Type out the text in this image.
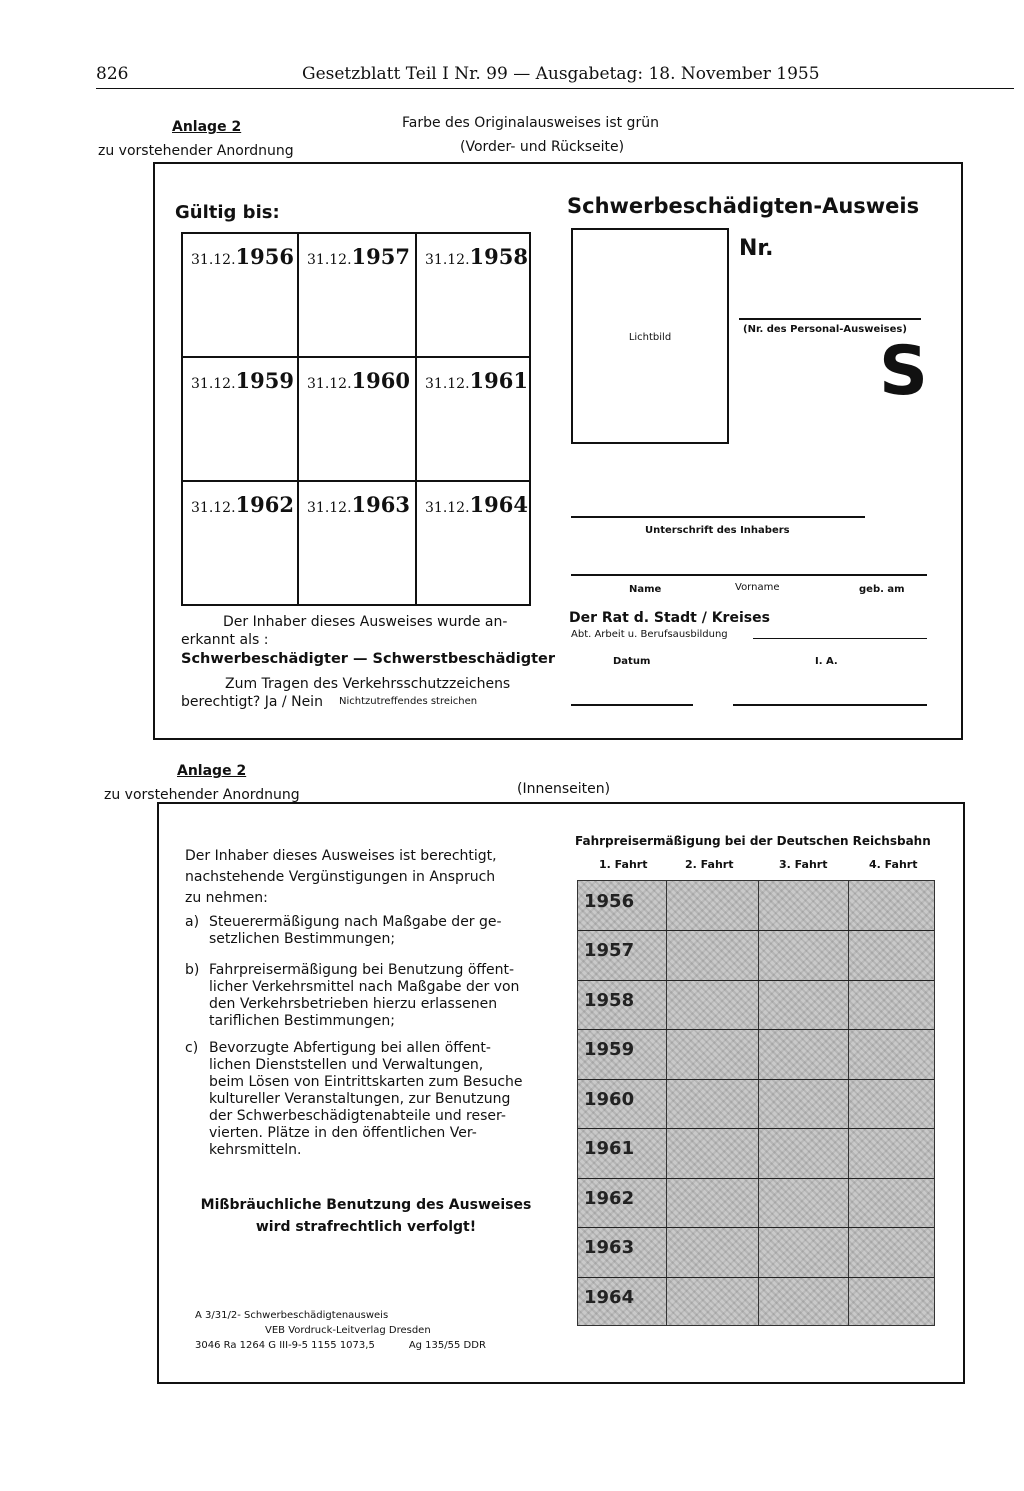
826	Gesetzblatt Teil I Nr. 99 — Ausgabetag: 18. November 1955
Anlage 2
zu vorstehender Anordnung
Farbe des Originalausweises ist grün
(Vorder- und Rückseite)
Gültig bis:
31.12.1956 31.12.1957 31.12.1958
31.12.1959 31.12.1960 31.12.1961
31.12.1962 31.12.1963 31.12.1964
Der Inhaber dieses Ausweises wurde an-
erkannt als :
Schwerbeschädigter — Schwerstbeschädigter
Zum Tragen des Verkehrsschutzzeichens
berechtigt? Ja / Nein Nichtzutreffendes streichen
Schwerbeschädigten-Ausweis
Lichtbild
Nr.
(Nr. des Personal-Ausweises)
S
Unterschrift des Inhabers
Name	Vorname	geb. am
Der Rat d. Stadt / Kreises
Abt. Arbeit u. Berufsausbildung
Datum	I. A.
Anlage 2
zu vorstehender Anordnung	(Innenseiten)
Der Inhaber dieses Ausweises ist berechtigt,
nachstehende Vergünstigungen in Anspruch
zu nehmen:
a) Steuerermäßigung nach Maßgabe der ge-
setzlichen Bestimmungen;
b) Fahrpreisermäßigung bei Benutzung öffent-
licher Verkehrsmittel nach Maßgabe der von
den Verkehrsbetrieben hierzu erlassenen
tariflichen Bestimmungen;
c) Bevorzugte Abfertigung bei allen öffent-
lichen Dienststellen und Verwaltungen,
beim Lösen von Eintrittskarten zum Besuche
kultureller Veranstaltungen, zur Benutzung
der Schwerbeschädigtenabteile und reser-
vierten. Plätze in den öffentlichen Ver-
kehrsmitteln.
Mißbräuchliche Benutzung des Ausweises
wird strafrechtlich verfolgt!
A 3/31/2- Schwerbeschädigtenausweis
VEB Vordruck-Leitverlag Dresden
3046 Ra 1264 G III-9-5 1155 1073,5	Ag 135/55 DDR
Fahrpreisermäßigung bei der Deutschen Reichsbahn
1. Fahrt	2. Fahrt	3. Fahrt	4. Fahrt
1956
1957
1958
1959
1960
1961
1962
1963
1964
